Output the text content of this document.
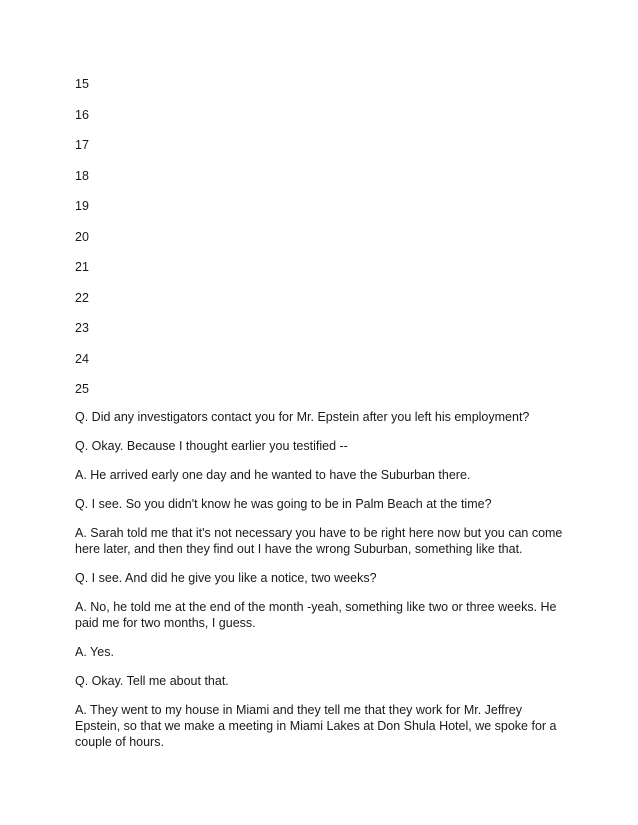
15
16
17
18
19
20
21
22
23
24
25

Q. Did any investigators contact you for Mr. Epstein after you left his employment?

Q. Okay. Because I thought earlier you testified --

A. He arrived early one day and he wanted to have the Suburban there.

Q. I see. So you didn't know he was going to be in Palm Beach at the time?

A. Sarah told me that it's not necessary you have to be right here now but you can come here later, and then they find out I have the wrong Suburban, something like that.

Q. I see. And did he give you like a notice, two weeks?

A. No, he told me at the end of the month -yeah, something like two or three weeks. He paid me for two months, I guess.

A. Yes.

Q. Okay. Tell me about that.

A. They went to my house in Miami and they tell me that they work for Mr. Jeffrey Epstein, so that we make a meeting in Miami Lakes at Don Shula Hotel, we spoke for a couple of hours.
